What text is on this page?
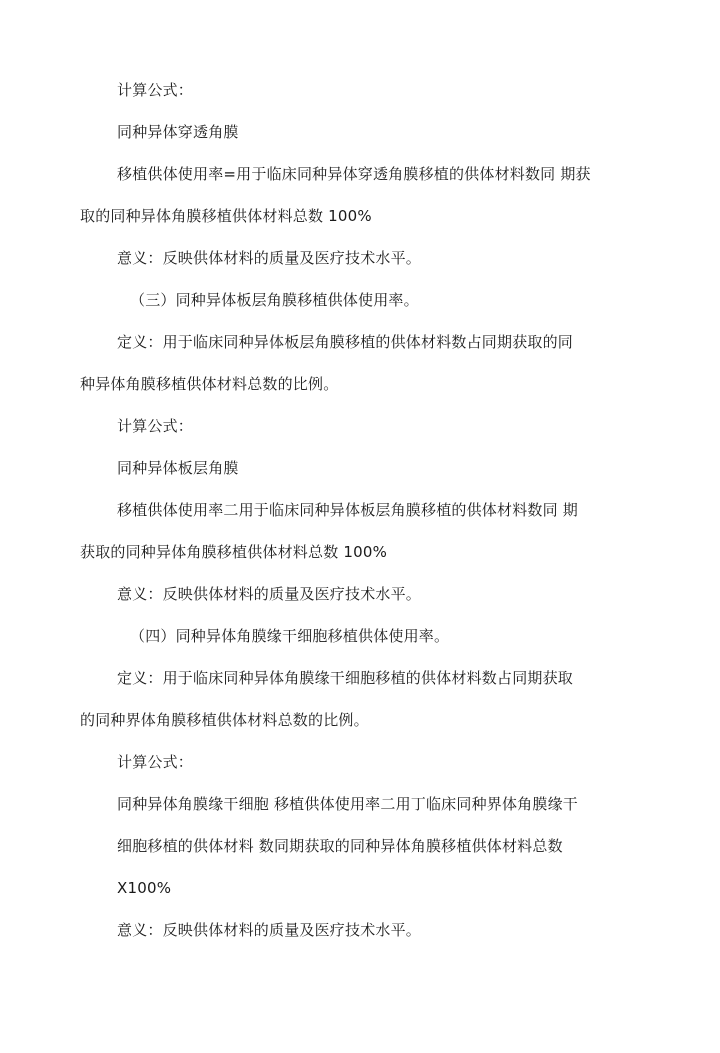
计算公式：
同种异体穿透角膜
移植供体使用率=用于临床同种异体穿透角膜移植的供体材料数同 期获
取的同种异体角膜移植供体材料总数 100%
意义：反映供体材料的质量及医疗技术水平。
（三）同种异体板层角膜移植供体使用率。
定义：用于临床同种异体板层角膜移植的供体材料数占同期获取的同
种异体角膜移植供体材料总数的比例。
计算公式：
同种异体板层角膜
移植供体使用率二用于临床同种异体板层角膜移植的供体材料数同 期
获取的同种异体角膜移植供体材料总数 100%
意义：反映供体材料的质量及医疗技术水平。
（四）同种异体角膜缘干细胞移植供体使用率。
定义：用于临床同种异体角膜缘干细胞移植的供体材料数占同期获取
的同种界体角膜移植供体材料总数的比例。
计算公式：
同种异体角膜缘干细胞 移植供体使用率二用丁临床同种界体角膜缘干
细胞移植的供体材料 数同期获取的同种异体角膜移植供体材料总数
X100%
意义：反映供体材料的质量及医疗技术水平。
